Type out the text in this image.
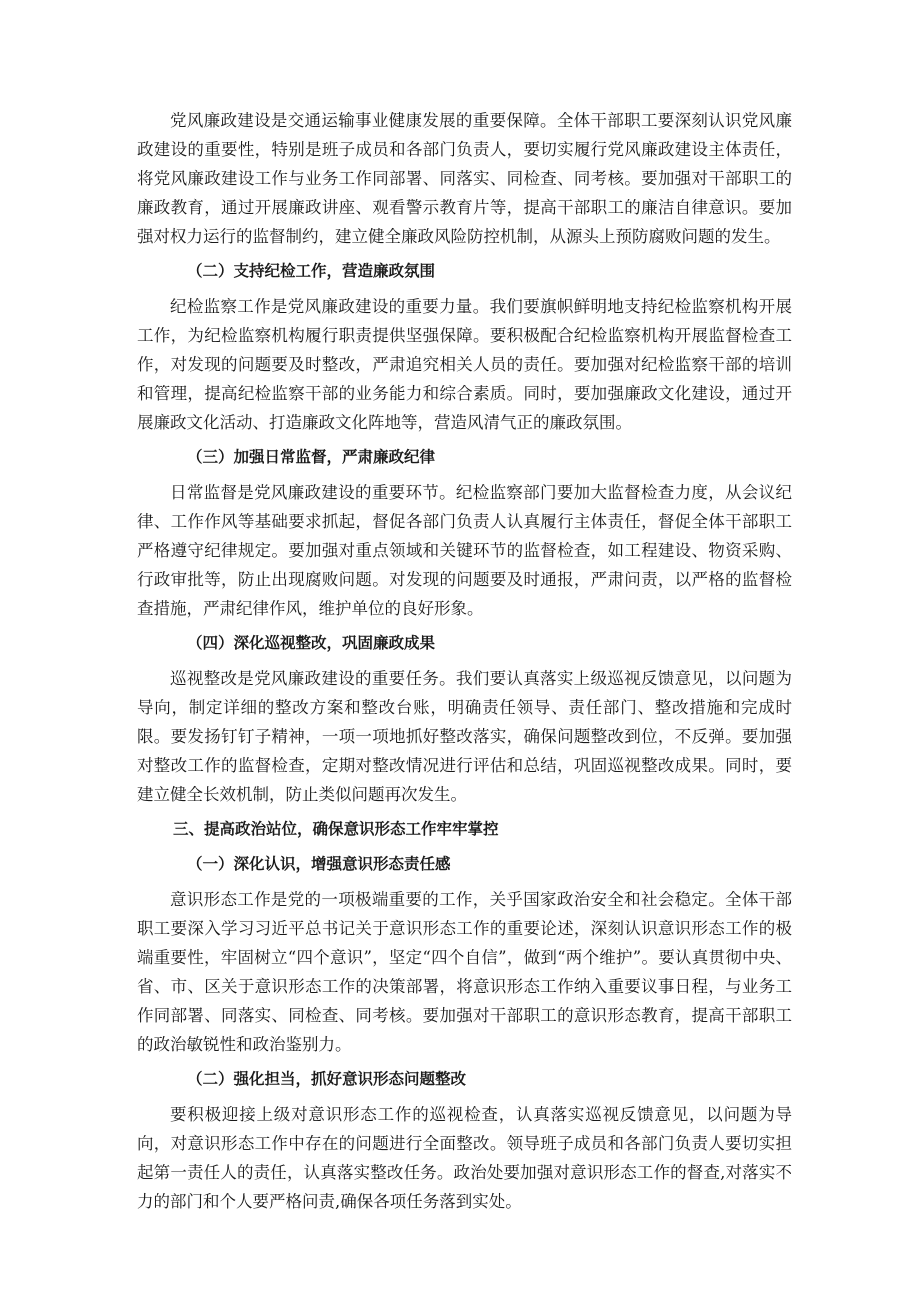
党风廉政建设是交通运输事业健康发展的重要保障。全体干部职工要深刻认识党风廉政建设的重要性，特别是班子成员和各部门负责人，要切实履行党风廉政建设主体责任，将党风廉政建设工作与业务工作同部署、同落实、同检查、同考核。要加强对干部职工的廉政教育，通过开展廉政讲座、观看警示教育片等，提高干部职工的廉洁自律意识。要加强对权力运行的监督制约，建立健全廉政风险防控机制，从源头上预防腐败问题的发生。

（二）支持纪检工作，营造廉政氛围

纪检监察工作是党风廉政建设的重要力量。我们要旗帜鲜明地支持纪检监察机构开展工作，为纪检监察机构履行职责提供坚强保障。要积极配合纪检监察机构开展监督检查工作，对发现的问题要及时整改，严肃追究相关人员的责任。要加强对纪检监察干部的培训和管理，提高纪检监察干部的业务能力和综合素质。同时，要加强廉政文化建设，通过开展廉政文化活动、打造廉政文化阵地等，营造风清气正的廉政氛围。

（三）加强日常监督，严肃廉政纪律

日常监督是党风廉政建设的重要环节。纪检监察部门要加大监督检查力度，从会议纪律、工作作风等基础要求抓起，督促各部门负责人认真履行主体责任，督促全体干部职工严格遵守纪律规定。要加强对重点领域和关键环节的监督检查，如工程建设、物资采购、行政审批等，防止出现腐败问题。对发现的问题要及时通报，严肃问责，以严格的监督检查措施，严肃纪律作风，维护单位的良好形象。

（四）深化巡视整改，巩固廉政成果

巡视整改是党风廉政建设的重要任务。我们要认真落实上级巡视反馈意见，以问题为导向，制定详细的整改方案和整改台账，明确责任领导、责任部门、整改措施和完成时限。要发扬钉钉子精神，一项一项地抓好整改落实，确保问题整改到位，不反弹。要加强对整改工作的监督检查，定期对整改情况进行评估和总结，巩固巡视整改成果。同时，要建立健全长效机制，防止类似问题再次发生。

三、提高政治站位，确保意识形态工作牢牢掌控
（一）深化认识，增强意识形态责任感

意识形态工作是党的一项极端重要的工作，关乎国家政治安全和社会稳定。全体干部职工要深入学习习近平总书记关于意识形态工作的重要论述，深刻认识意识形态工作的极端重要性，牢固树立“四个意识”，坚定“四个自信”，做到“两个维护”。要认真贯彻中央、省、市、区关于意识形态工作的决策部署，将意识形态工作纳入重要议事日程，与业务工作同部署、同落实、同检查、同考核。要加强对干部职工的意识形态教育，提高干部职工的政治敏锐性和政治鉴别力。

（二）强化担当，抓好意识形态问题整改

要积极迎接上级对意识形态工作的巡视检查，认真落实巡视反馈意见，以问题为导向，对意识形态工作中存在的问题进行全面整改。领导班子成员和各部门负责人要切实担起第一责任人的责任，认真落实整改任务。政治处要加强对意识形态工作的督查,对落实不力的部门和个人要严格问责,确保各项任务落到实处。
